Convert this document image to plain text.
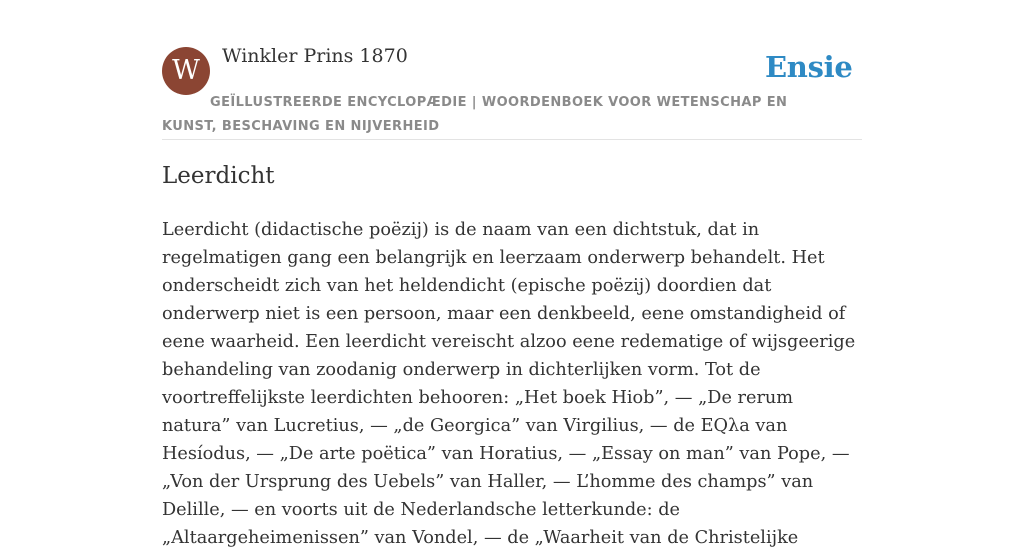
W	Winkler Prins 1870	Ensie
GEÏLLUSTREERDE ENCYCLOPÆDIE | WOORDENBOEK VOOR WETENSCHAP EN KUNST, BESCHAVING EN NIJVERHEID
Leerdicht

Leerdicht (didactische poëzij) is de naam van een dichtstuk, dat in regelmatigen gang een belangrijk en leerzaam onderwerp behandelt. Het onderscheidt zich van het heldendicht (epische poëzij) doordien dat onderwerp niet is een persoon, maar een denkbeeld, eene omstandigheid of eene waarheid. Een leerdicht vereischt alzoo eene redematige of wijsgeerige behandeling van zoodanig onderwerp in dichterlijken vorm. Tot de voortreffelijkste leerdichten behooren: „Het boek Hiob”, — „De rerum natura” van Lucretius, — „de Georgica” van Virgilius, — de EQλa van Hesíodus, — „De arte poëtica” van Horatius, — „Essay on man” van Pope, — „Von der Ursprung des Uebels” van Haller, — L’homme des champs” van Delille, — en voorts uit de Nederlandsche letterkunde: de „Altaargeheimenissen” van Vondel, — de „Waarheit van de Christelijke
